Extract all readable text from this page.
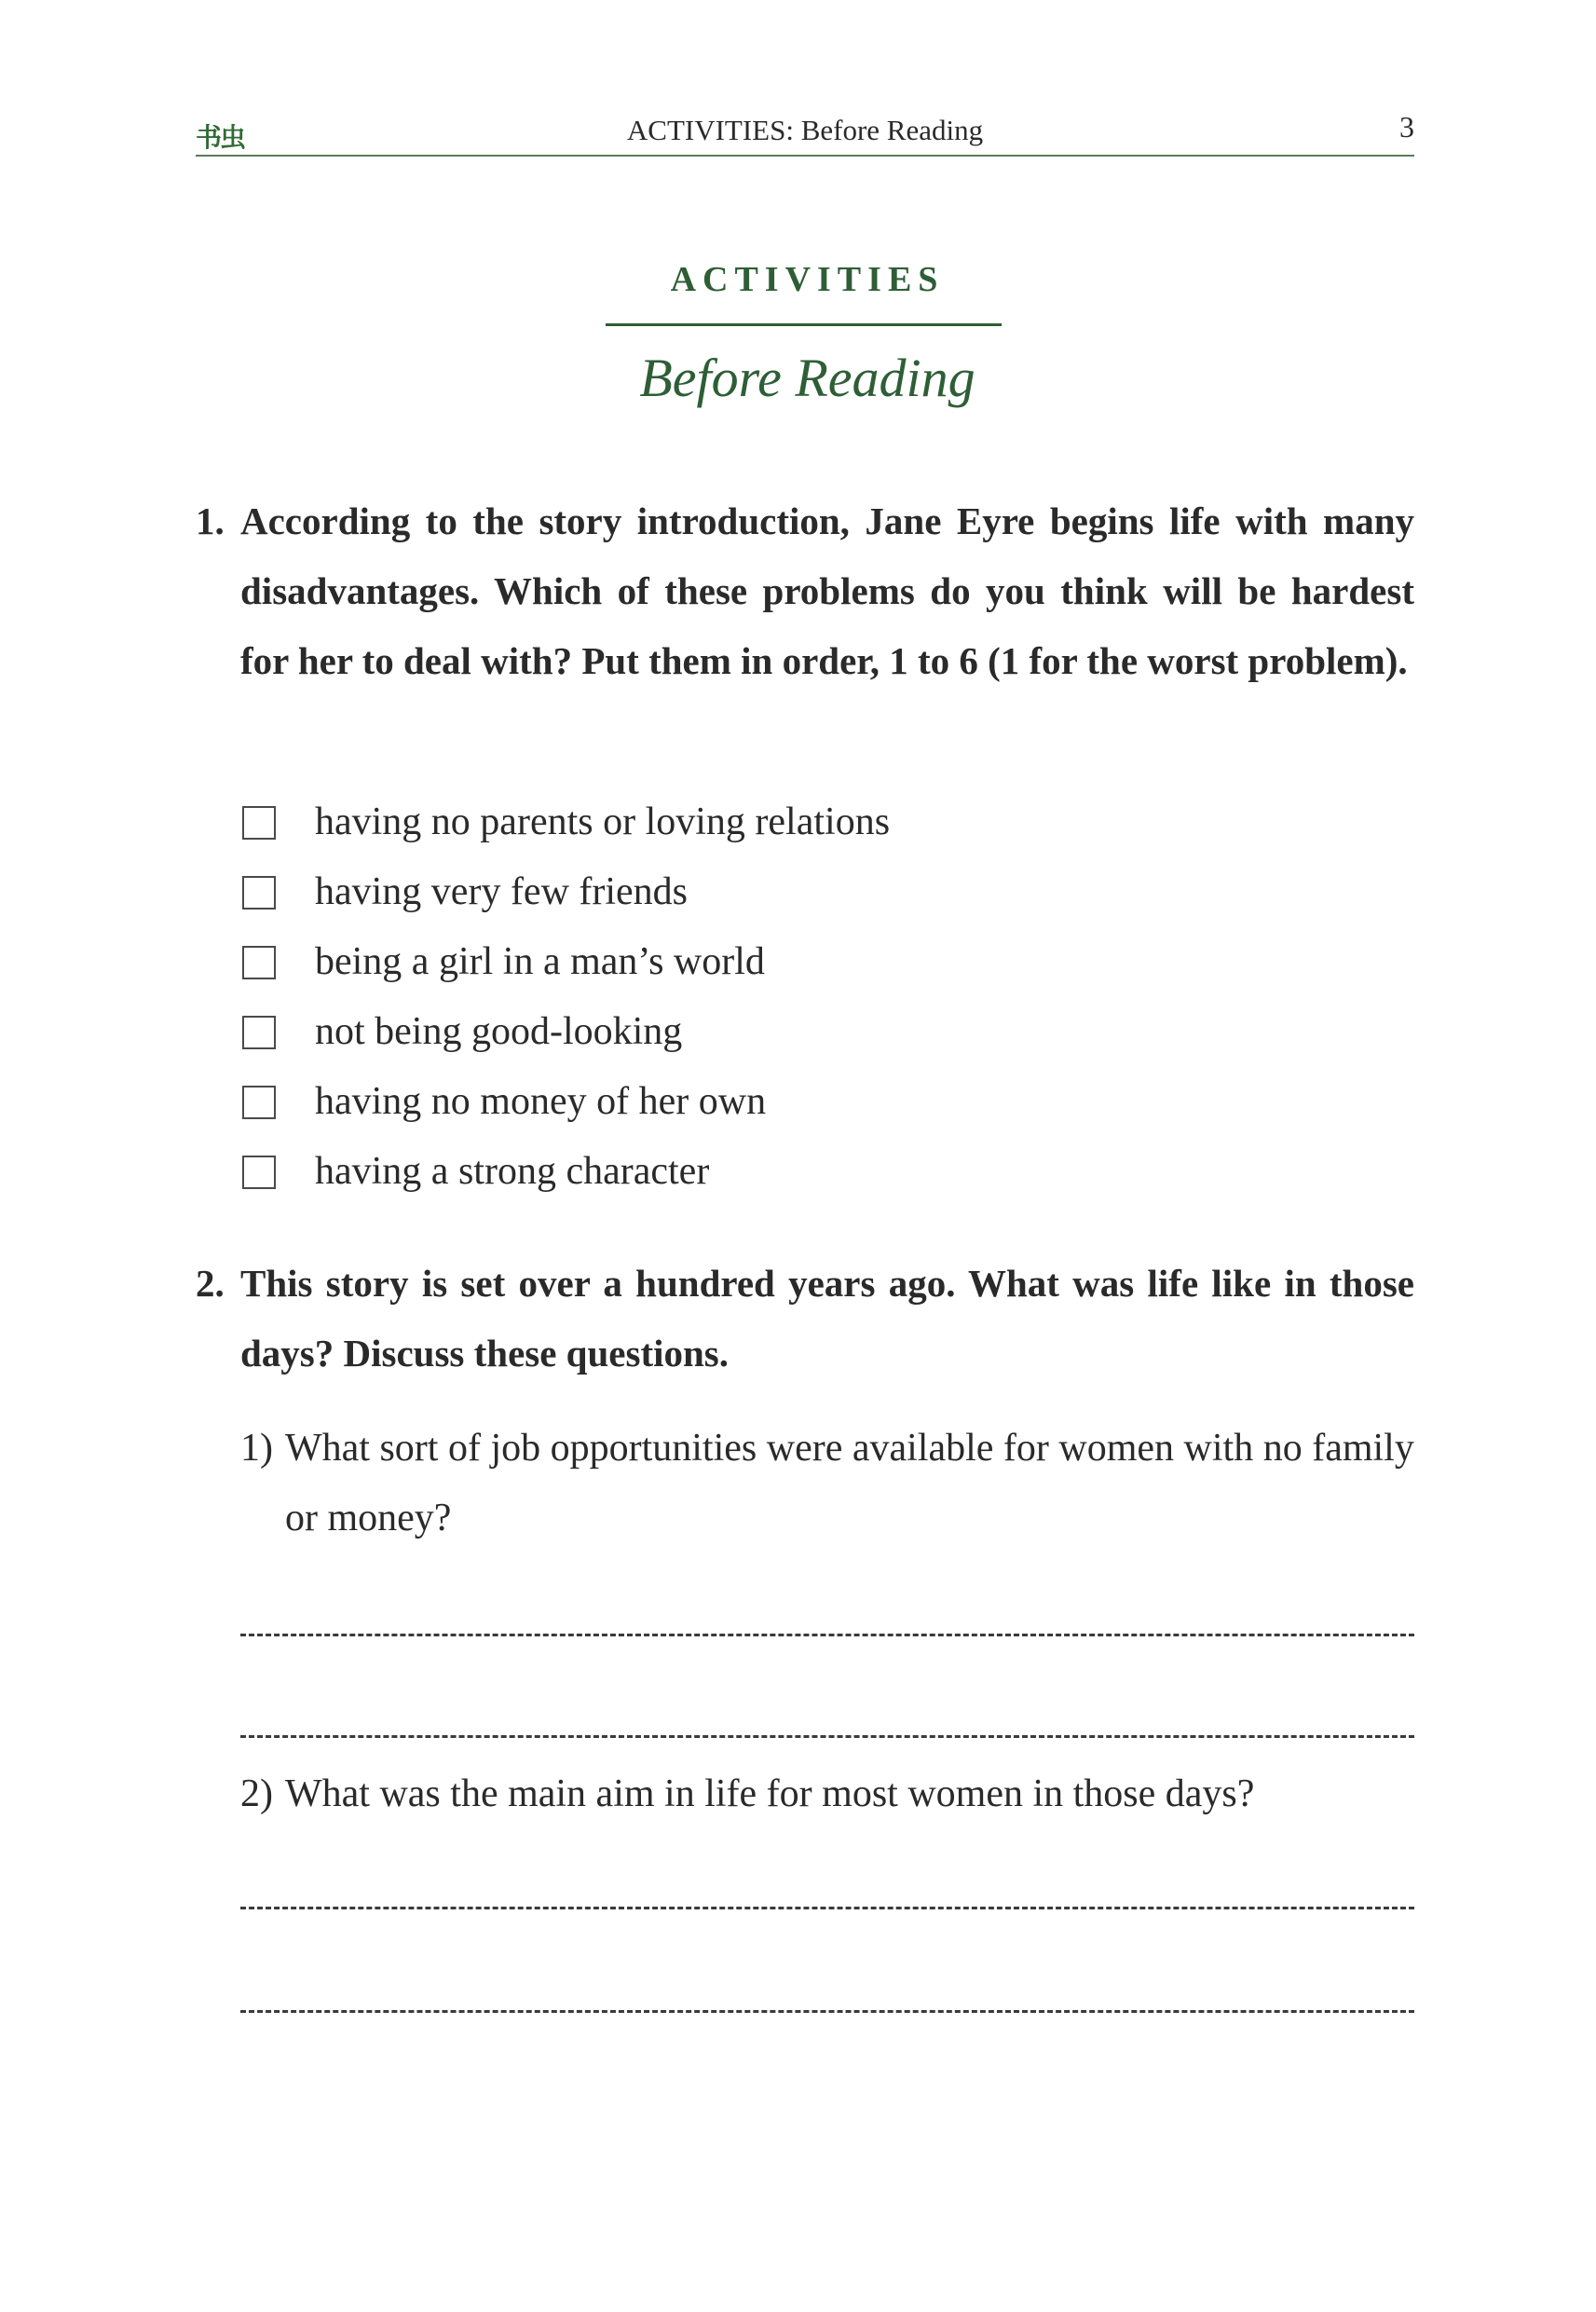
书虫	ACTIVITIES: Before Reading	3
ACTIVITIES
Before Reading
1. According to the story introduction, Jane Eyre begins life with many disadvantages. Which of these problems do you think will be hardest for her to deal with? Put them in order, 1 to 6 (1 for the worst problem).
having no parents or loving relations
having very few friends
being a girl in a man’s world
not being good-looking
having no money of her own
having a strong character
2. This story is set over a hundred years ago. What was life like in those days? Discuss these questions.
1) What sort of job opportunities were available for women with no family or money?
2) What was the main aim in life for most women in those days?
